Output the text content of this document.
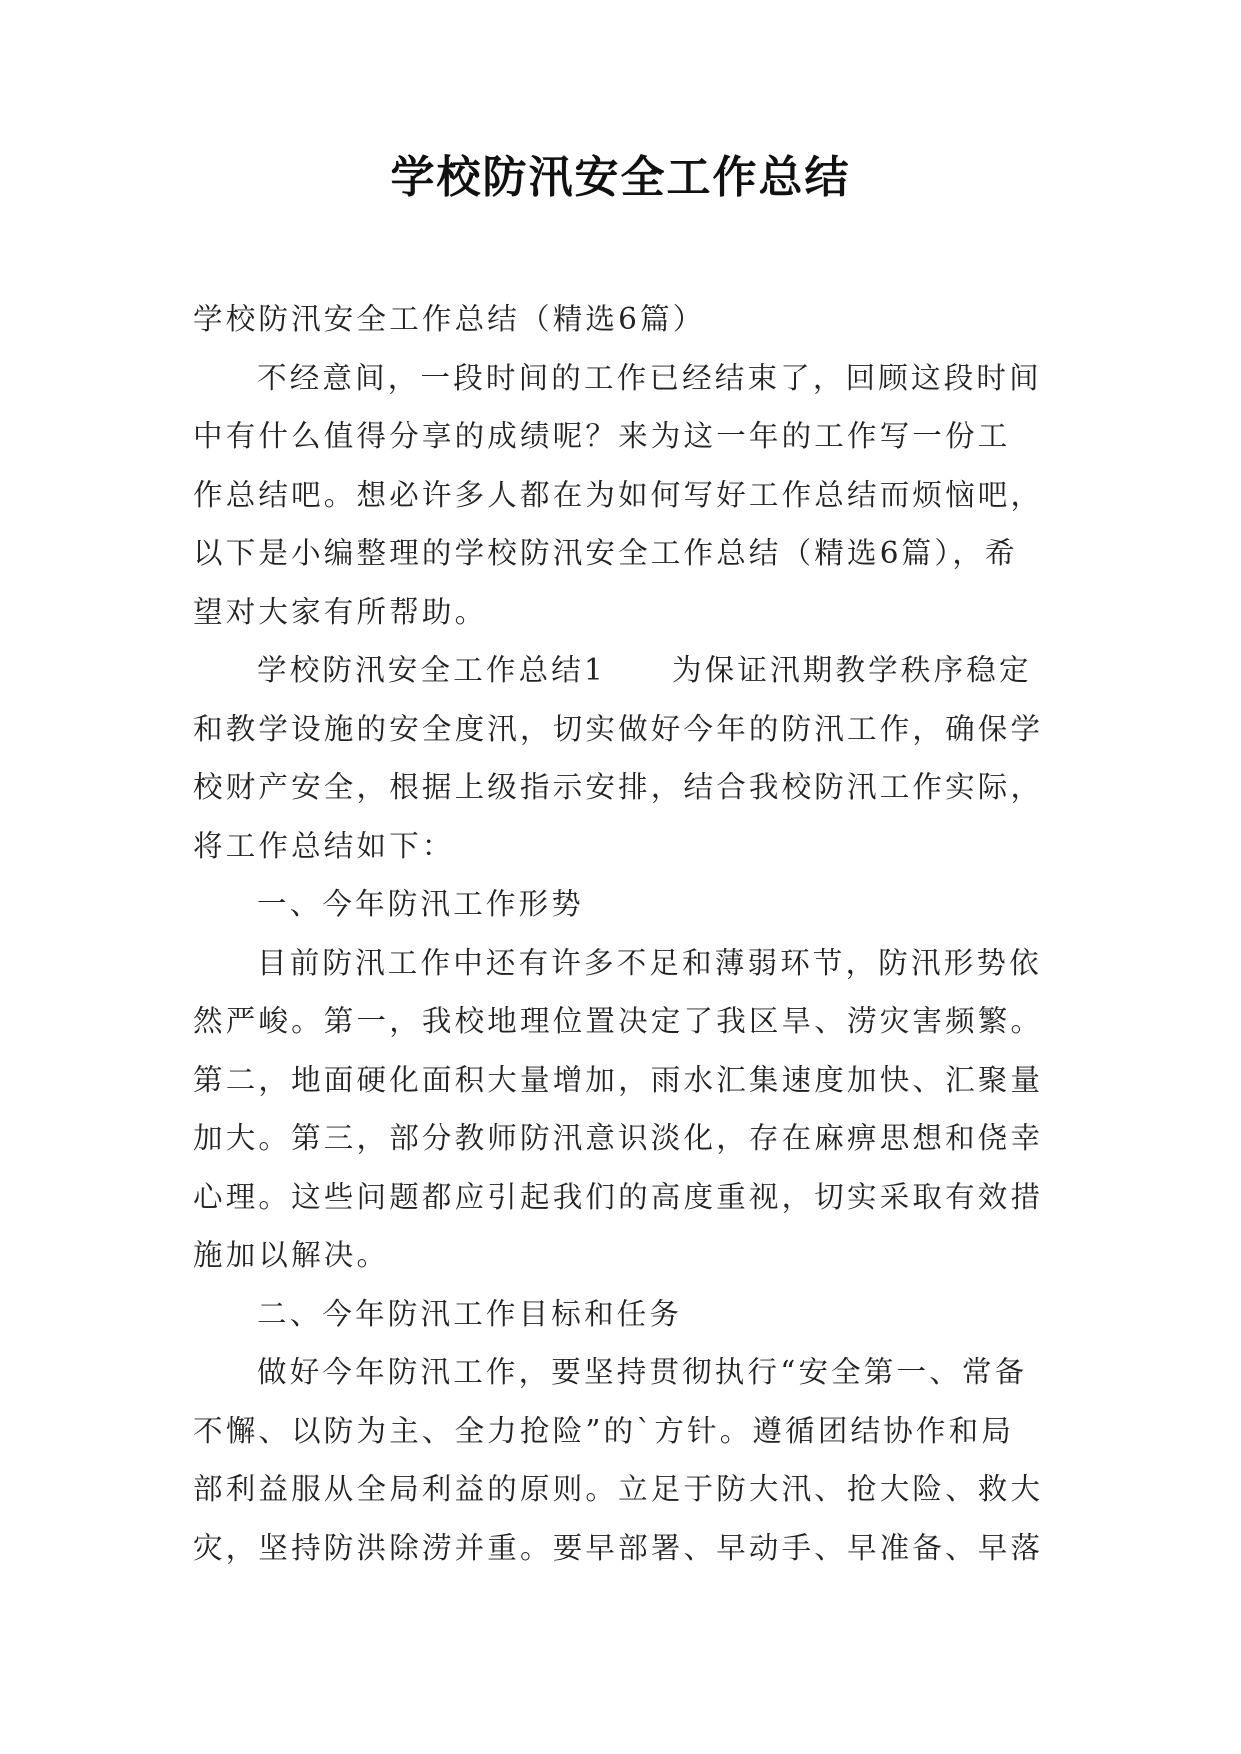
学校防汛安全工作总结
学校防汛安全工作总结（精选6篇）
不经意间，一段时间的工作已经结束了，回顾这段时间
中有什么值得分享的成绩呢？来为这一年的工作写一份工
作总结吧。想必许多人都在为如何写好工作总结而烦恼吧，
以下是小编整理的学校防汛安全工作总结（精选6篇），希
望对大家有所帮助。
学校防汛安全工作总结1 为保证汛期教学秩序稳定
和教学设施的安全度汛，切实做好今年的防汛工作，确保学
校财产安全，根据上级指示安排，结合我校防汛工作实际，
将工作总结如下：
一、今年防汛工作形势
目前防汛工作中还有许多不足和薄弱环节，防汛形势依
然严峻。第一，我校地理位置决定了我区旱、涝灾害频繁。
第二，地面硬化面积大量增加，雨水汇集速度加快、汇聚量
加大。第三，部分教师防汛意识淡化，存在麻痹思想和侥幸
心理。这些问题都应引起我们的高度重视，切实采取有效措
施加以解决。
二、今年防汛工作目标和任务
做好今年防汛工作，要坚持贯彻执行“安全第一、常备
不懈、以防为主、全力抢险”的`方针。遵循团结协作和局
部利益服从全局利益的原则。立足于防大汛、抢大险、救大
灾，坚持防洪除涝并重。要早部署、早动手、早准备、早落
